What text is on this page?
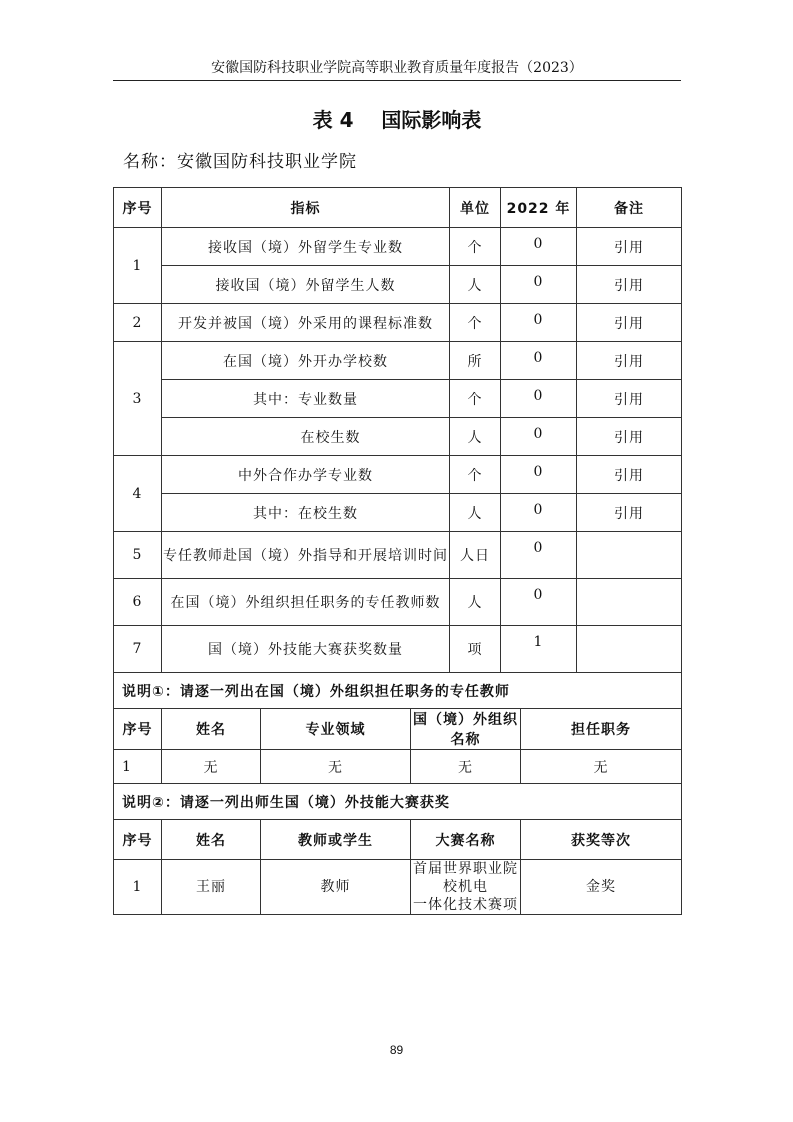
安徽国防科技职业学院高等职业教育质量年度报告（2023）
表 4    国际影响表
名称：安徽国防科技职业学院
序号	指标			单位	2022 年		备注
1	接收国（境）外留学生专业数			个	0		引用
	接收国（境）外留学生人数			人	0		引用
2	开发并被国（境）外采用的课程标准数			个	0		引用
3	在国（境）外开办学校数			所	0		引用
	其中：专业数量			个	0		引用
	在校生数			人	0		引用
4	中外合作办学专业数			个	0		引用
	其中：在校生数			人	0		引用
5	专任教师赴国（境）外指导和开展培训时间			人日	0		
6	在国（境）外组织担任职务的专任教师数			人	0		
7	国（境）外技能大赛获奖数量			项	1		
说明①：请逐一列出在国（境）外组织担任职务的专任教师							
序号	姓名	专业领域	国（境）外组织名称			担任职务	
1	无	无	无			无	
说明②：请逐一列出师生国（境）外技能大赛获奖							
序号	姓名	教师或学生	大赛名称			获奖等次	
1	王丽	教师	首届世界职业院校机电
一体化技术赛项			金奖	
89
